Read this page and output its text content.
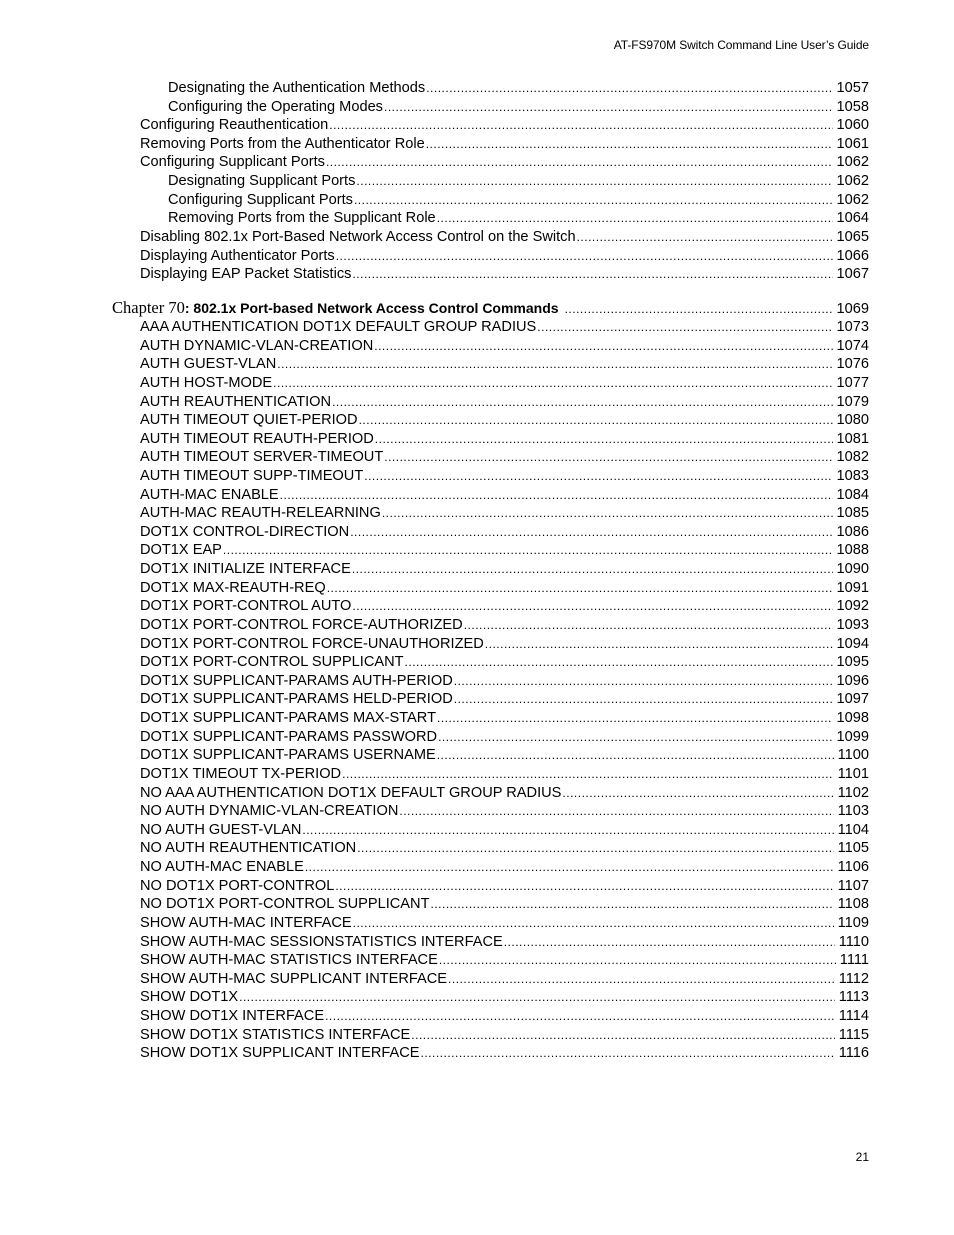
AT-FS970M Switch Command Line User’s Guide
Designating the Authentication Methods .....	1057
Configuring the Operating Modes .....	1058
Configuring Reauthentication .....	1060
Removing Ports from the Authenticator Role .....	1061
Configuring Supplicant Ports .....	1062
Designating Supplicant Ports .....	1062
Configuring Supplicant Ports .....	1062
Removing Ports from the Supplicant Role .....	1064
Disabling 802.1x Port-Based Network Access Control on the Switch .....	1065
Displaying Authenticator Ports .....	1066
Displaying EAP Packet Statistics .....	1067
Chapter 70 : 802.1x Port-based Network Access Control Commands .....	1069
AAA AUTHENTICATION DOT1X DEFAULT GROUP RADIUS .....	1073
AUTH DYNAMIC-VLAN-CREATION .....	1074
AUTH GUEST-VLAN .....	1076
AUTH HOST-MODE .....	1077
AUTH REAUTHENTICATION .....	1079
AUTH TIMEOUT QUIET-PERIOD .....	1080
AUTH TIMEOUT REAUTH-PERIOD .....	1081
AUTH TIMEOUT SERVER-TIMEOUT .....	1082
AUTH TIMEOUT SUPP-TIMEOUT .....	1083
AUTH-MAC ENABLE .....	1084
AUTH-MAC REAUTH-RELEARNING .....	1085
DOT1X CONTROL-DIRECTION .....	1086
DOT1X EAP .....	1088
DOT1X INITIALIZE INTERFACE .....	1090
DOT1X MAX-REAUTH-REQ .....	1091
DOT1X PORT-CONTROL AUTO .....	1092
DOT1X PORT-CONTROL FORCE-AUTHORIZED .....	1093
DOT1X PORT-CONTROL FORCE-UNAUTHORIZED .....	1094
DOT1X PORT-CONTROL SUPPLICANT .....	1095
DOT1X SUPPLICANT-PARAMS AUTH-PERIOD .....	1096
DOT1X SUPPLICANT-PARAMS HELD-PERIOD .....	1097
DOT1X SUPPLICANT-PARAMS MAX-START .....	1098
DOT1X SUPPLICANT-PARAMS PASSWORD .....	1099
DOT1X SUPPLICANT-PARAMS USERNAME .....	1100
DOT1X TIMEOUT TX-PERIOD .....	1101
NO AAA AUTHENTICATION DOT1X DEFAULT GROUP RADIUS .....	1102
NO AUTH DYNAMIC-VLAN-CREATION .....	1103
NO AUTH GUEST-VLAN .....	1104
NO AUTH REAUTHENTICATION .....	1105
NO AUTH-MAC ENABLE .....	1106
NO DOT1X PORT-CONTROL .....	1107
NO DOT1X PORT-CONTROL SUPPLICANT .....	1108
SHOW AUTH-MAC INTERFACE .....	1109
SHOW AUTH-MAC SESSIONSTATISTICS INTERFACE .....	1110
SHOW AUTH-MAC STATISTICS INTERFACE .....	1111
SHOW AUTH-MAC SUPPLICANT INTERFACE .....	1112
SHOW DOT1X .....	1113
SHOW DOT1X INTERFACE .....	1114
SHOW DOT1X STATISTICS INTERFACE .....	1115
SHOW DOT1X SUPPLICANT INTERFACE .....	1116
21
